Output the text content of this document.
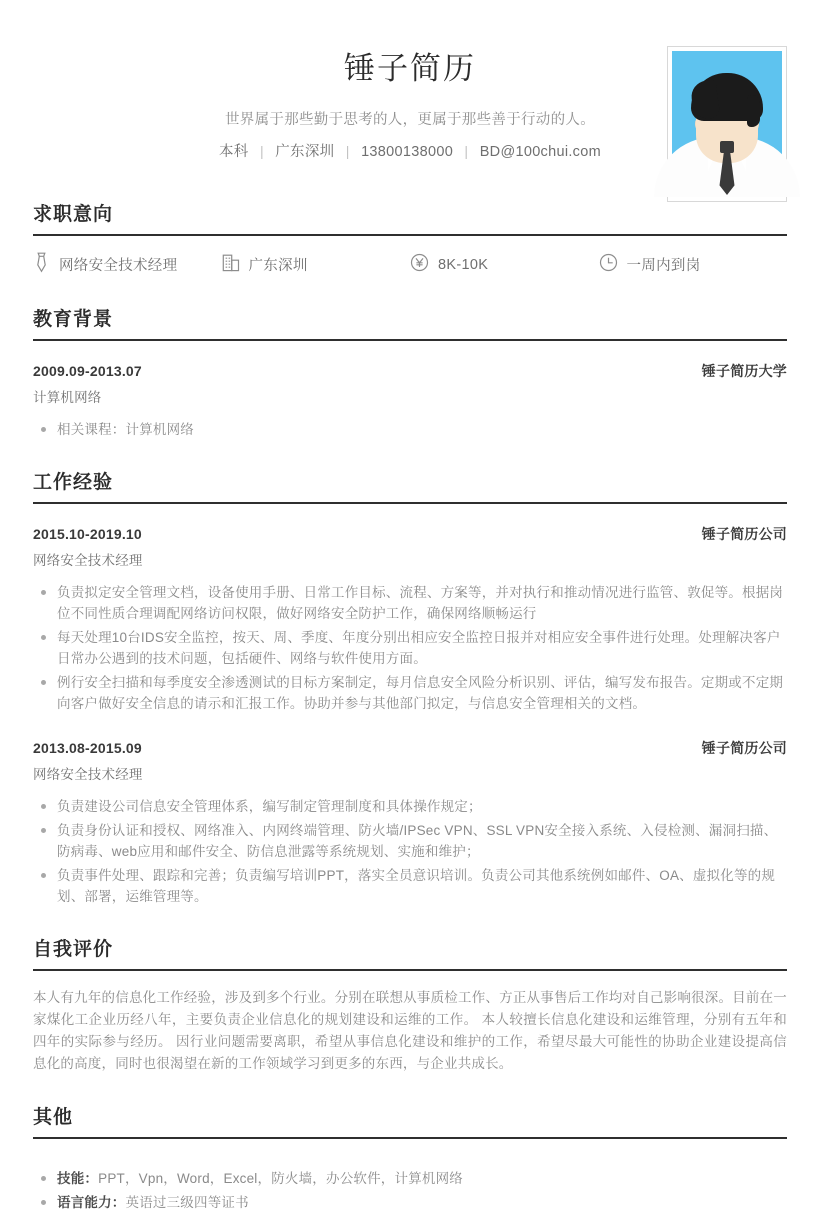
锤子简历
世界属于那些勤于思考的人，更属于那些善于行动的人。
本科 | 广东深圳 | 13800138000 | BD@100chui.com
求职意向
网络安全技术经理	广东深圳	8K-10K	一周内到岗
教育背景
2009.09-2013.07	锤子简历大学
计算机网络
相关课程：计算机网络
工作经验
2015.10-2019.10	锤子简历公司
网络安全技术经理
负责拟定安全管理文档，设备使用手册、日常工作目标、流程、方案等，并对执行和推动情况进行监管、敦促等。根据岗位不同性质合理调配网络访问权限，做好网络安全防护工作，确保网络顺畅运行
每天处理10台IDS安全监控，按天、周、季度、年度分别出相应安全监控日报并对相应安全事件进行处理。处理解决客户日常办公遇到的技术问题，包括硬件、网络与软件使用方面。
例行安全扫描和每季度安全渗透测试的目标方案制定，每月信息安全风险分析识别、评估，编写发布报告。定期或不定期向客户做好安全信息的请示和汇报工作。协助并参与其他部门拟定，与信息安全管理相关的文档。
2013.08-2015.09	锤子简历公司
网络安全技术经理
负责建设公司信息安全管理体系，编写制定管理制度和具体操作规定；
负责身份认证和授权、网络准入、内网终端管理、防火墙/IPSec VPN、SSL VPN安全接入系统、入侵检测、漏洞扫描、防病毒、web应用和邮件安全、防信息泄露等系统规划、实施和维护；
负责事件处理、跟踪和完善；负责编写培训PPT，落实全员意识培训。负责公司其他系统例如邮件、OA、虚拟化等的规划、部署，运维管理等。
自我评价
本人有九年的信息化工作经验，涉及到多个行业。分别在联想从事质检工作、方正从事售后工作均对自己影响很深。目前在一家煤化工企业历经八年，主要负责企业信息化的规划建设和运维的工作。 本人较擅长信息化建设和运维管理，分别有五年和四年的实际参与经历。 因行业问题需要离职，希望从事信息化建设和维护的工作，希望尽最大可能性的协助企业建设提高信息化的高度，同时也很渴望在新的工作领域学习到更多的东西，与企业共成长。
其他
技能：PPT，Vpn，Word，Excel，防火墙，办公软件，计算机网络
语言能力：英语过三级四等证书
